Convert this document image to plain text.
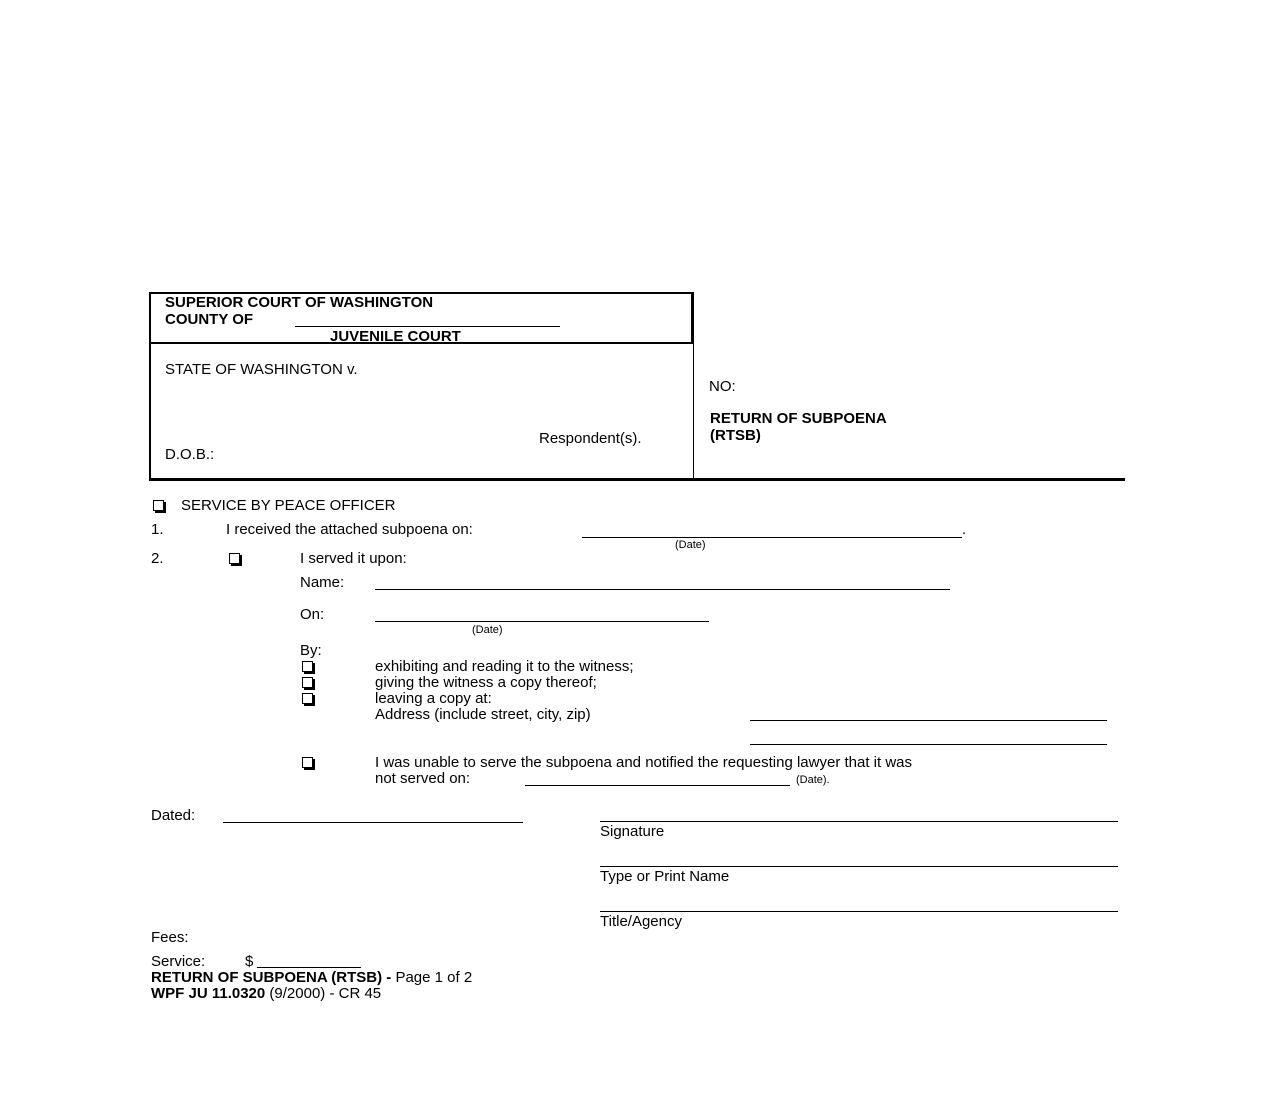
SUPERIOR COURT OF WASHINGTON
COUNTY OF
JUVENILE COURT
STATE OF WASHINGTON v.
Respondent(s).
D.O.B.:
NO:
RETURN OF SUBPOENA
(RTSB)
SERVICE BY PEACE OFFICER
1.	I received the attached subpoena on:	.
(Date)
2.	I served it upon:
Name:
On:
(Date)
By:
exhibiting and reading it to the witness;
giving the witness a copy thereof;
leaving a copy at:
Address (include street, city, zip)
I was unable to serve the subpoena and notified the requesting lawyer that it was
not served on:	(Date).
Dated:
Signature
Type or Print Name
Title/Agency
Fees:
Service:	$
RETURN OF SUBPOENA (RTSB) - Page 1 of 2
WPF JU 11.0320 (9/2000) - CR 45
